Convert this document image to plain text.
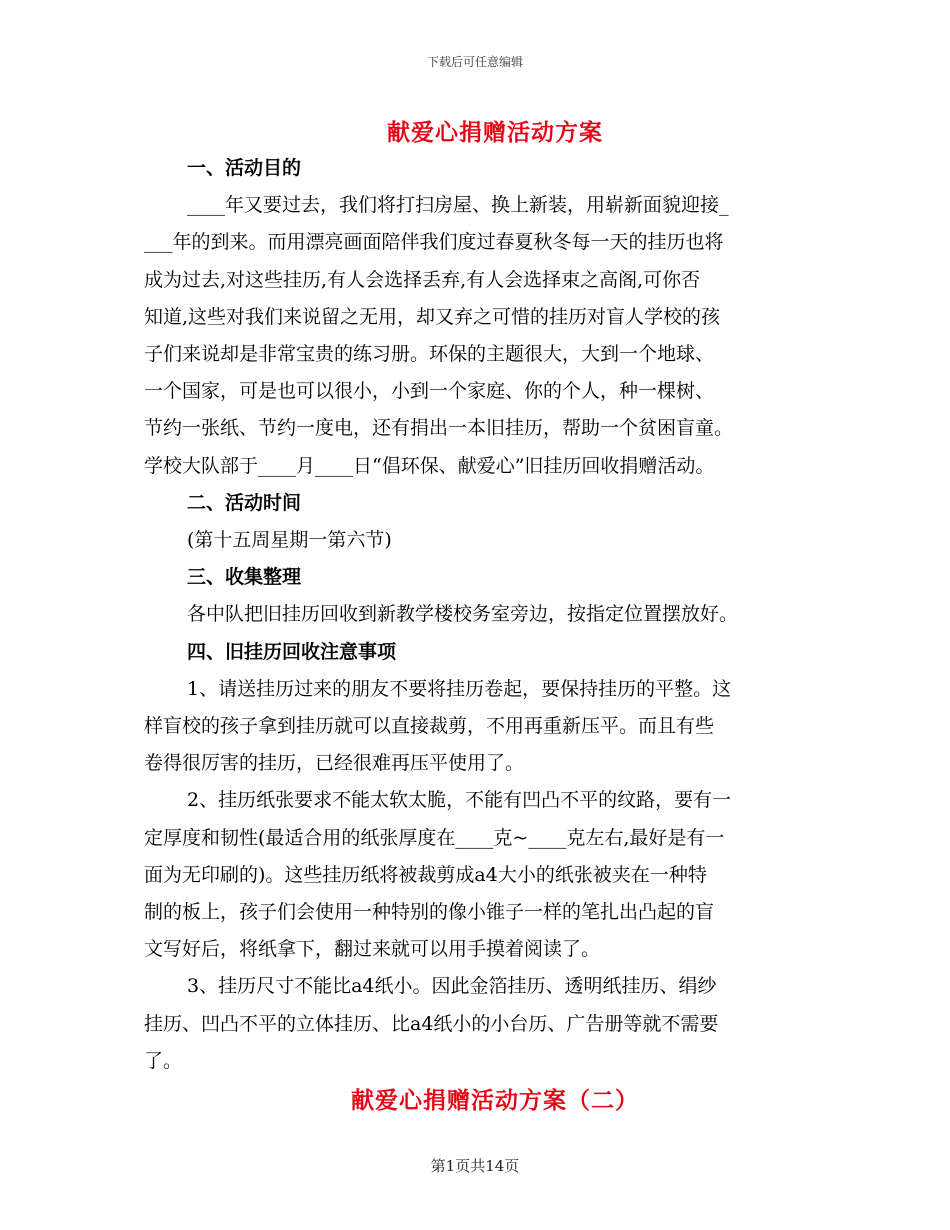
下载后可任意编辑
献爱心捐赠活动方案

一、活动目的

____年又要过去，我们将打扫房屋、换上新装，用崭新面貌迎接_
___年的到来。而用漂亮画面陪伴我们度过春夏秋冬每一天的挂历也将
成为过去,对这些挂历,有人会选择丢弃,有人会选择束之高阁,可你否
知道,这些对我们来说留之无用，却又弃之可惜的挂历对盲人学校的孩
子们来说却是非常宝贵的练习册。环保的主题很大，大到一个地球、
一个国家，可是也可以很小，小到一个家庭、你的个人，种一棵树、
节约一张纸、节约一度电，还有捐出一本旧挂历，帮助一个贫困盲童。
学校大队部于____月____日“倡环保、献爱心”旧挂历回收捐赠活动。

二、活动时间

(第十五周星期一第六节)

三、收集整理

各中队把旧挂历回收到新教学楼校务室旁边，按指定位置摆放好。

四、旧挂历回收注意事项

1、请送挂历过来的朋友不要将挂历卷起，要保持挂历的平整。这
样盲校的孩子拿到挂历就可以直接裁剪，不用再重新压平。而且有些
卷得很厉害的挂历，已经很难再压平使用了。

2、挂历纸张要求不能太软太脆，不能有凹凸不平的纹路，要有一
定厚度和韧性(最适合用的纸张厚度在____克~____克左右,最好是有一
面为无印刷的)。这些挂历纸将被裁剪成a4大小的纸张被夹在一种特
制的板上，孩子们会使用一种特别的像小锥子一样的笔扎出凸起的盲
文写好后，将纸拿下，翻过来就可以用手摸着阅读了。

3、挂历尺寸不能比a4纸小。因此金箔挂历、透明纸挂历、绢纱
挂历、凹凸不平的立体挂历、比a4纸小的小台历、广告册等就不需要
了。

献爱心捐赠活动方案（二）
第1页共14页
